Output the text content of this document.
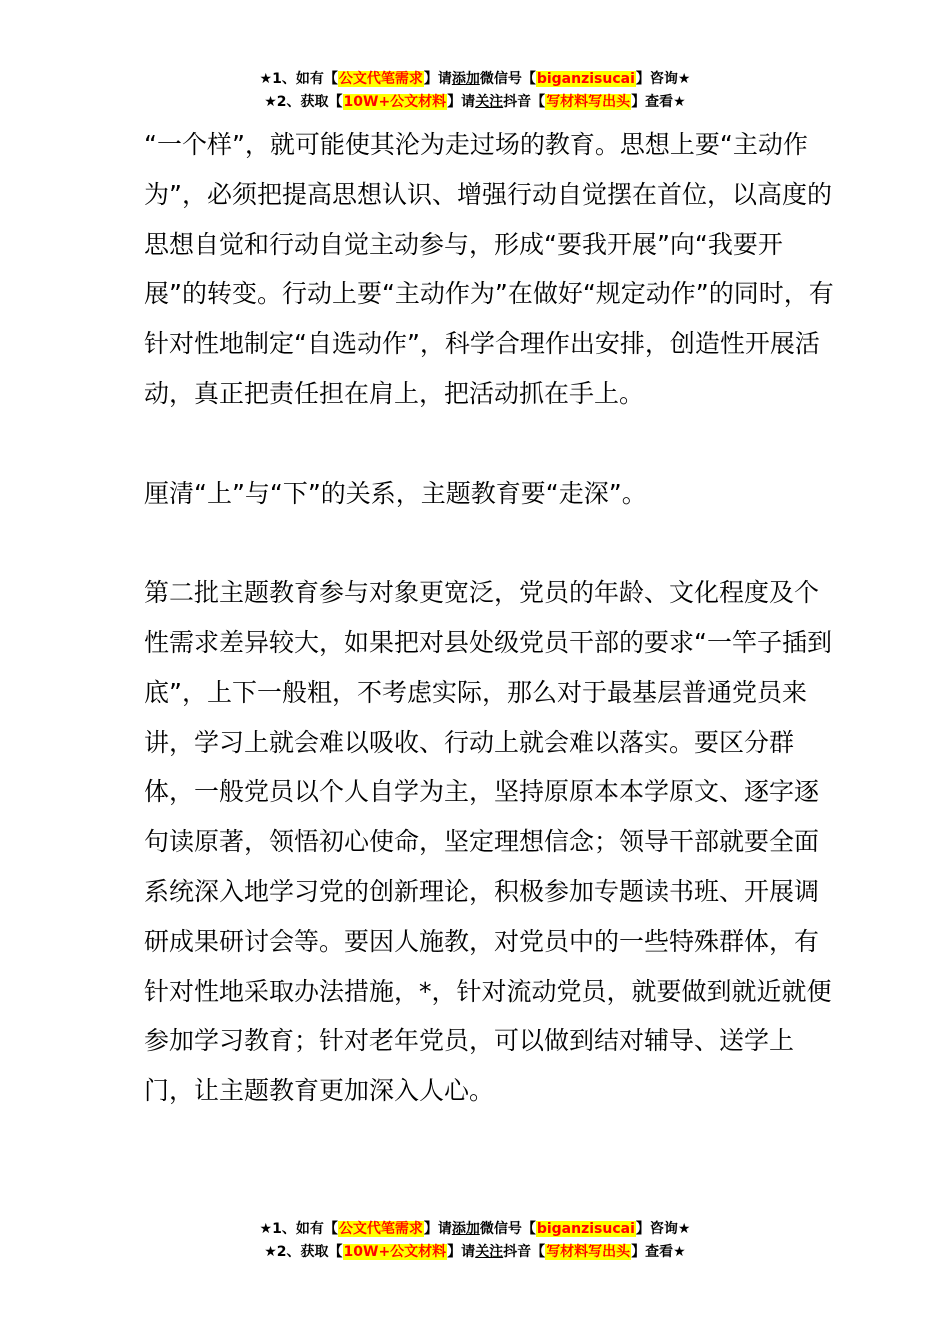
★1、如有【公文代笔需求】请添加微信号【biganzisucai】咨询★
★2、获取【10W+公文材料】请关注抖音【写材料写出头】查看★

“一个样”，就可能使其沦为走过场的教育。思想上要“主动作为”，必须把提高思想认识、增强行动自觉摆在首位，以高度的思想自觉和行动自觉主动参与，形成“要我开展”向“我要开展”的转变。行动上要“主动作为”在做好“规定动作”的同时，有针对性地制定“自选动作”，科学合理作出安排，创造性开展活动，真正把责任担在肩上，把活动抓在手上。

厘清“上”与“下”的关系，主题教育要“走深”。

第二批主题教育参与对象更宽泛，党员的年龄、文化程度及个性需求差异较大，如果把对县处级党员干部的要求“一竿子插到底”，上下一般粗，不考虑实际，那么对于最基层普通党员来讲，学习上就会难以吸收、行动上就会难以落实。要区分群体，一般党员以个人自学为主，坚持原原本本学原文、逐字逐句读原著，领悟初心使命，坚定理想信念；领导干部就要全面系统深入地学习党的创新理论，积极参加专题读书班、开展调研成果研讨会等。要因人施教，对党员中的一些特殊群体，有针对性地采取办法措施，*，针对流动党员，就要做到就近就便参加学习教育；针对老年党员，可以做到结对辅导、送学上门，让主题教育更加深入人心。

★1、如有【公文代笔需求】请添加微信号【biganzisucai】咨询★
★2、获取【10W+公文材料】请关注抖音【写材料写出头】查看★
